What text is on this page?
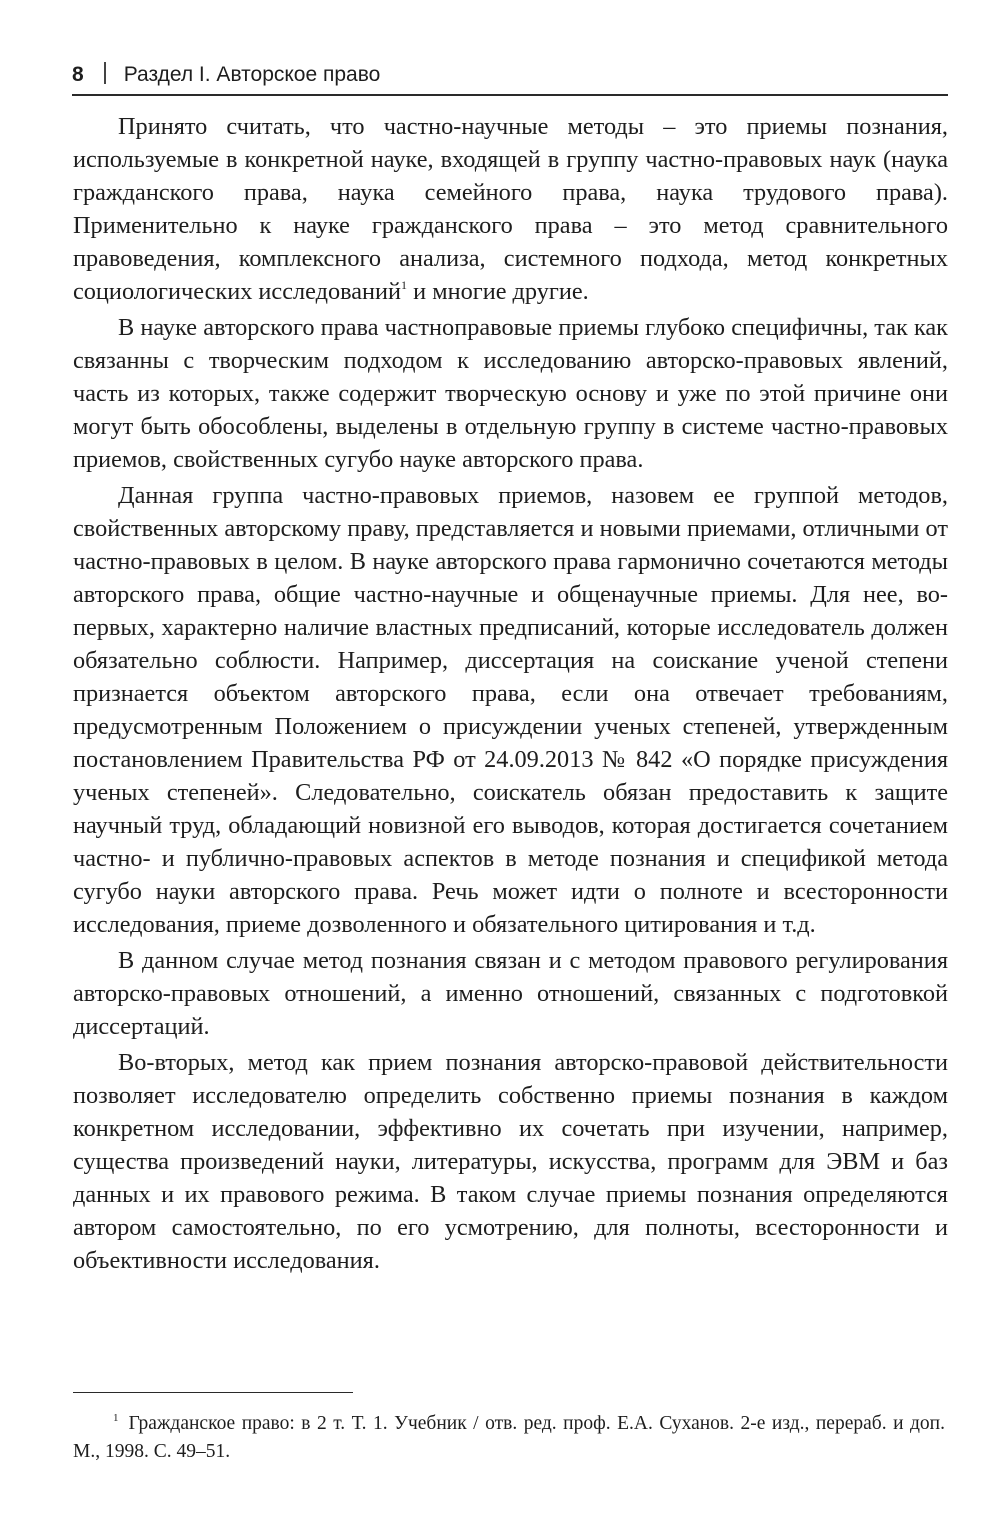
8 Раздел I. Авторское право

Принято считать, что частно-научные методы – это приемы познания, используемые в конкретной науке, входящей в группу частно-правовых наук (наука гражданского права, наука семейного права, наука трудового права). Применительно к науке гражданского права – это метод сравнительного правоведения, комплексного анализа, системного подхода, метод конкретных социологических исследований$^1$ и многие другие.

В науке авторского права частноправовые приемы глубоко специфичны, так как связанны с творческим подходом к исследованию авторско-правовых явлений, часть из которых, также содержит творческую основу и уже по этой причине они могут быть обособлены, выделены в отдельную группу в системе частно-правовых приемов, свойственных сугубо науке авторского права.

Данная группа частно-правовых приемов, назовем ее группой методов, свойственных авторскому праву, представляется и новыми приемами, отличными от частно-правовых в целом. В науке авторского права гармонично сочетаются методы авторского права, общие частно-научные и общенаучные приемы. Для нее, во-первых, характерно наличие властных предписаний, которые исследователь должен обязательно соблюсти. Например, диссертация на соискание ученой степени признается объектом авторского права, если она отвечает требованиям, предусмотренным Положением о присуждении ученых степеней, утвержденным постановлением Правительства РФ от 24.09.2013 № 842 «О порядке присуждения ученых степеней». Следовательно, соискатель обязан предоставить к защите научный труд, обладающий новизной его выводов, которая достигается сочетанием частно- и публично-правовых аспектов в методе познания и спецификой метода сугубо науки авторского права. Речь может идти о полноте и всесторонности исследования, приеме дозволенного и обязательного цитирования и т.д.

В данном случае метод познания связан и с методом правового регулирования авторско-правовых отношений, а именно отношений, связанных с подготовкой диссертаций.

Во-вторых, метод как прием познания авторско-правовой действительности позволяет исследователю определить собственно приемы познания в каждом конкретном исследовании, эффективно их сочетать при изучении, например, существа произведений науки, литературы, искусства, программ для ЭВМ и баз данных и их правового режима. В таком случае приемы познания определяются автором самостоятельно, по его усмотрению, для полноты, всесторонности и объективности исследования.

$^1$ Гражданское право: в 2 т. Т. 1. Учебник / отв. ред. проф. Е.А. Суханов. 2-е изд., перераб. и доп. М., 1998. С. 49–51.
